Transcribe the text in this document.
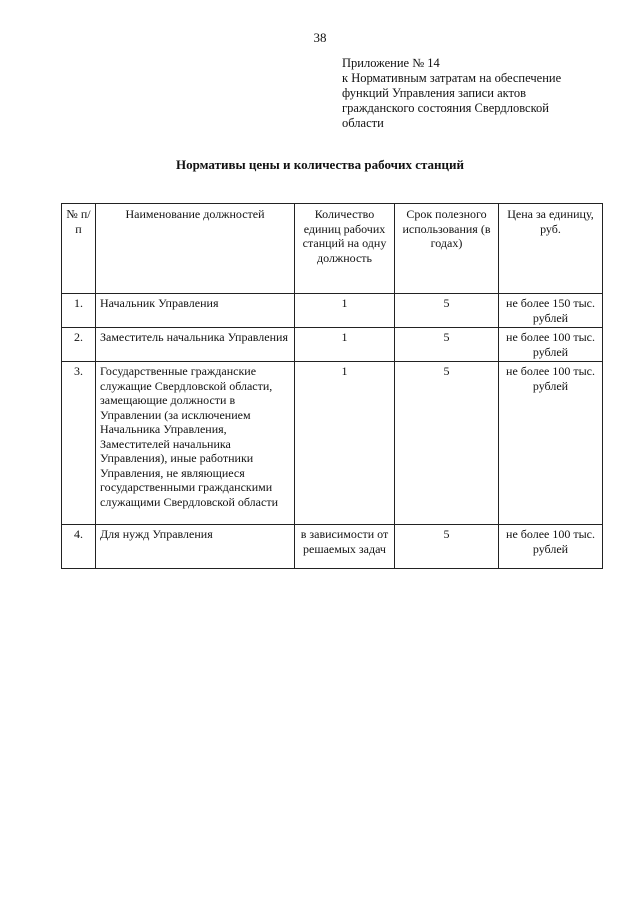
38
Приложение № 14
к Нормативным затратам на обеспечение
функций Управления записи актов
гражданского состояния Свердловской
области
Нормативы цены и количества рабочих станций
№ п/п	Наименование должностей	Количество единиц рабочих станций на одну должность	Срок полезного использования (в годах)	Цена за единицу, руб.
1.	Начальник Управления	1	5	не более 150 тыс. рублей
2.	Заместитель начальника Управления	1	5	не более 100 тыс. рублей
3.	Государственные гражданские служащие Свердловской области, замещающие должности в Управлении (за исключением Начальника Управления, Заместителей начальника Управления), иные работники Управления, не являющиеся государственными гражданскими служащими Свердловской области	1	5	не более 100 тыс. рублей
4.	Для нужд Управления	в зависимости от решаемых задач	5	не более 100 тыс. рублей
